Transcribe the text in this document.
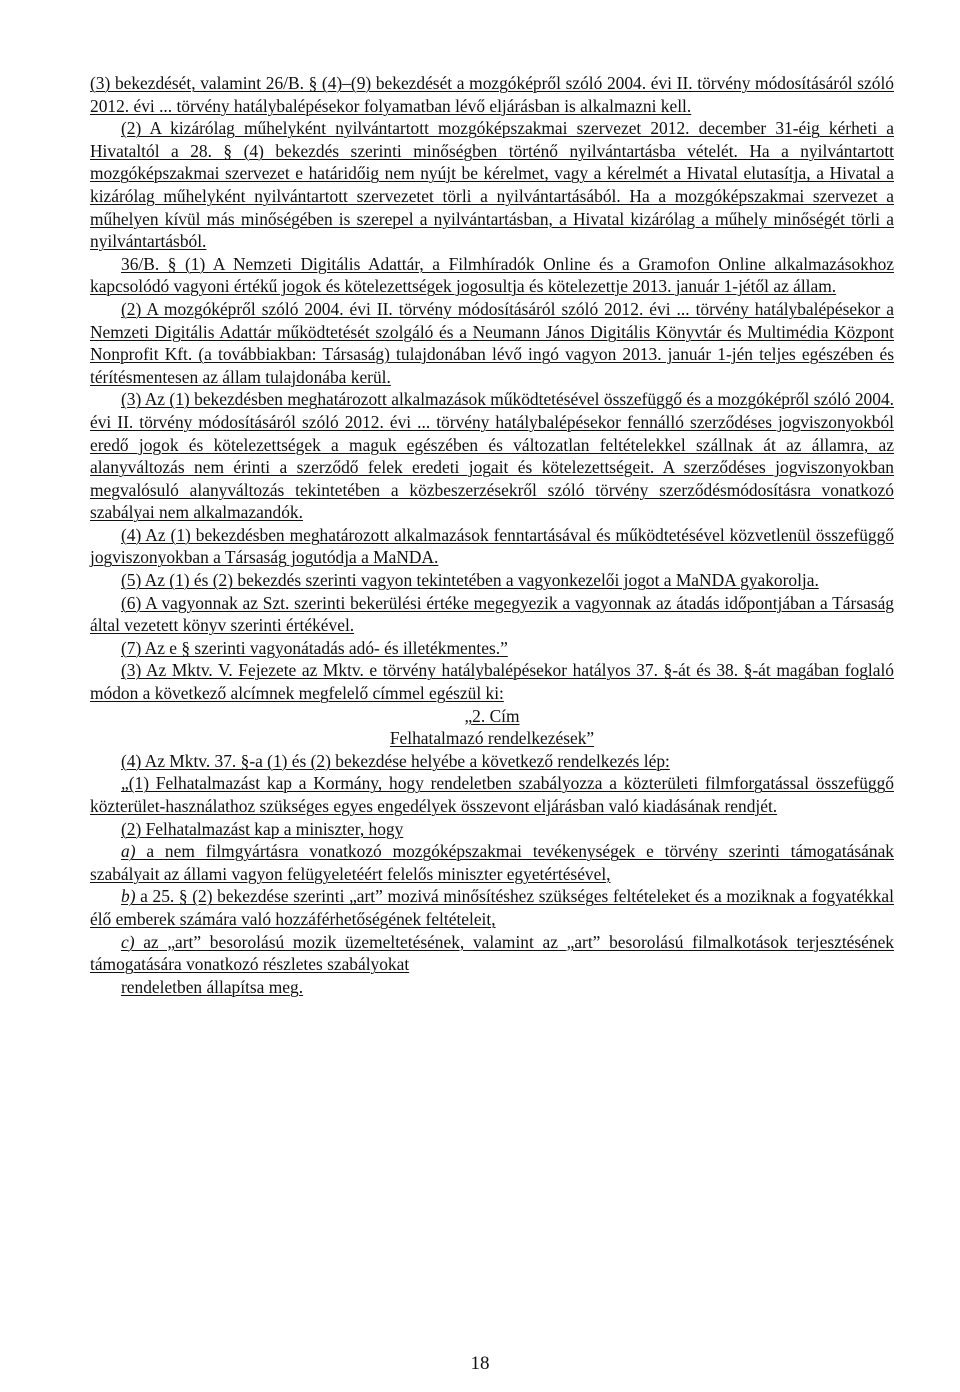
(3) bekezdését, valamint 26/B. § (4)–(9) bekezdését a mozgóképről szóló 2004. évi II. törvény módosításáról szóló 2012. évi ... törvény hatálybalépésekor folyamatban lévő eljárásban is alkalmazni kell.

(2) A kizárólag műhelyként nyilvántartott mozgóképszakmai szervezet 2012. december 31-éig kérheti a Hivataltól a 28. § (4) bekezdés szerinti minőségben történő nyilvántartásba vételét. Ha a nyilvántartott mozgóképszakmai szervezet e határidőig nem nyújt be kérelmet, vagy a kérelmét a Hivatal elutasítja, a Hivatal a kizárólag műhelyként nyilvántartott szervezetet törli a nyilvántartásából. Ha a mozgóképszakmai szervezet a műhelyen kívül más minőségében is szerepel a nyilvántartásban, a Hivatal kizárólag a műhely minőségét törli a nyilvántartásból.

36/B. § (1) A Nemzeti Digitális Adattár, a Filmhíradók Online és a Gramofon Online alkalmazásokhoz kapcsolódó vagyoni értékű jogok és kötelezettségek jogosultja és kötelezettje 2013. január 1-jétől az állam.

(2) A mozgóképről szóló 2004. évi II. törvény módosításáról szóló 2012. évi ... törvény hatálybalépésekor a Nemzeti Digitális Adattár működtetését szolgáló és a Neumann János Digitális Könyvtár és Multimédia Központ Nonprofit Kft. (a továbbiakban: Társaság) tulajdonában lévő ingó vagyon 2013. január 1-jén teljes egészében és térítésmentesen az állam tulajdonába kerül.

(3) Az (1) bekezdésben meghatározott alkalmazások működtetésével összefüggő és a mozgóképről szóló 2004. évi II. törvény módosításáról szóló 2012. évi ... törvény hatálybalépésekor fennálló szerződéses jogviszonyokból eredő jogok és kötelezettségek a maguk egészében és változatlan feltételekkel szállnak át az államra, az alanyváltozás nem érinti a szerződő felek eredeti jogait és kötelezettségeit. A szerződéses jogviszonyokban megvalósuló alanyváltozás tekintetében a közbeszerzésekről szóló törvény szerződésmódosításra vonatkozó szabályai nem alkalmazandók.

(4) Az (1) bekezdésben meghatározott alkalmazások fenntartásával és működtetésével közvetlenül összefüggő jogviszonyokban a Társaság jogutódja a MaNDA.

(5) Az (1) és (2) bekezdés szerinti vagyon tekintetében a vagyonkezelői jogot a MaNDA gyakorolja.

(6) A vagyonnak az Szt. szerinti bekerülési értéke megegyezik a vagyonnak az átadás időpontjában a Társaság által vezetett könyv szerinti értékével.

(7) Az e § szerinti vagyonátadás adó- és illetékmentes.”

(3) Az Mktv. V. Fejezete az Mktv. e törvény hatálybalépésekor hatályos 37. §-át és 38. §-át magában foglaló módon a következő alcímnek megfelelő címmel egészül ki:

„2. Cím

Felhatalmazó rendelkezések”

(4) Az Mktv. 37. §-a (1) és (2) bekezdése helyébe a következő rendelkezés lép:

„(1) Felhatalmazást kap a Kormány, hogy rendeletben szabályozza a közterületi filmforgatással összefüggő közterület-használathoz szükséges egyes engedélyek összevont eljárásban való kiadásának rendjét.

(2) Felhatalmazást kap a miniszter, hogy

a) a nem filmgyártásra vonatkozó mozgóképszakmai tevékenységek e törvény szerinti támogatásának szabályait az állami vagyon felügyeletéért felelős miniszter egyetértésével,

b) a 25. § (2) bekezdése szerinti „art” mozivá minősítéshez szükséges feltételeket és a moziknak a fogyatékkal élő emberek számára való hozzáférhetőségének feltételeit,

c) az „art” besorolású mozik üzemeltetésének, valamint az „art” besorolású filmalkotások terjesztésének támogatására vonatkozó részletes szabályokat

rendeletben állapítsa meg.

18
